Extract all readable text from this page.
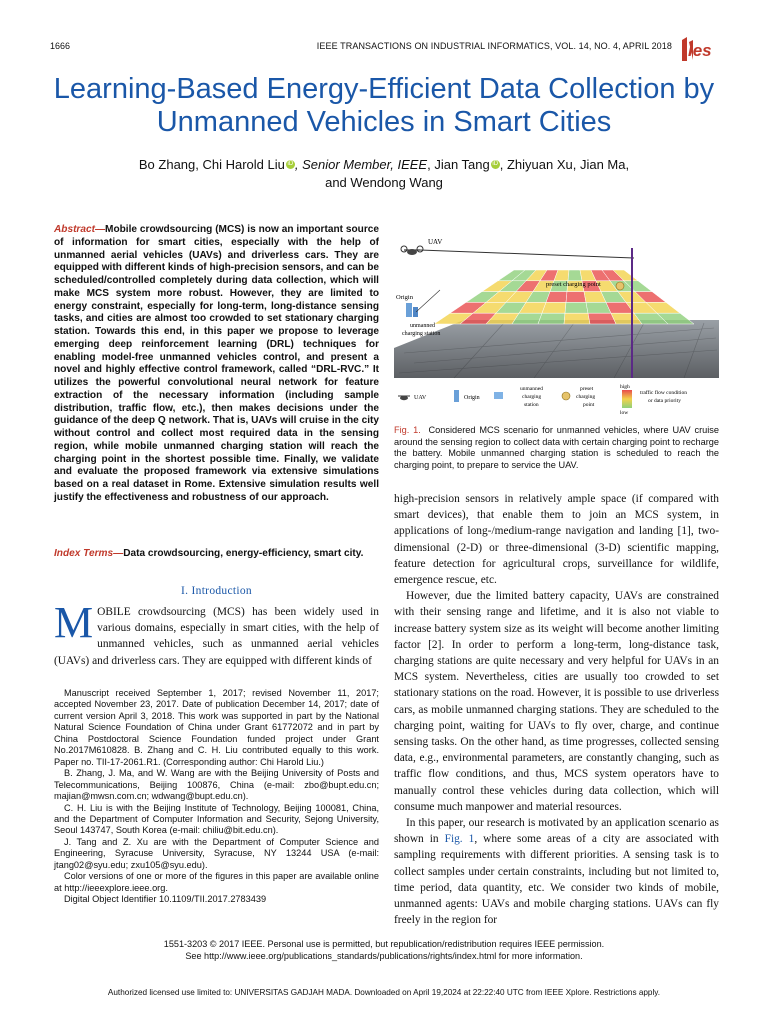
1666	IEEE TRANSACTIONS ON INDUSTRIAL INFORMATICS, VOL. 14, NO. 4, APRIL 2018 ies
Learning-Based Energy-Efficient Data Collection by Unmanned Vehicles in Smart Cities
Bo Zhang, Chi Harold Liu iD , Senior Member, IEEE, Jian Tang iD , Zhiyuan Xu, Jian Ma,
and Wendong Wang
Abstract—Mobile crowdsourcing (MCS) is now an important source of information for smart cities, especially with the help of unmanned aerial vehicles (UAVs) and driverless cars. They are equipped with different kinds of high-precision sensors, and can be scheduled/controlled completely during data collection, which will make MCS system more robust. However, they are limited to energy constraint, especially for long-term, long-distance sensing tasks, and cities are almost too crowded to set stationary charging station. Towards this end, in this paper we propose to leverage emerging deep reinforcement learning (DRL) techniques for enabling model-free unmanned vehicles control, and present a novel and highly effective control framework, called “DRL-RVC.” It utilizes the powerful convolutional neural network for feature extraction of the necessary information (including sample distribution, traffic flow, etc.), then makes decisions under the guidance of the deep Q network. That is, UAVs will cruise in the city without control and collect most required data in the sensing region, while mobile unmanned charging station will reach the charging point in the shortest possible time. Finally, we validate and evaluate the proposed framework via extensive simulations based on a real dataset in Rome. Extensive simulation results well justify the effectiveness and robustness of our approach.
Index Terms—Data crowdsourcing, energy-efficiency, smart city.
I. Introduction
MOBILE crowdsourcing (MCS) has been widely used in various domains, especially in smart cities, with the help of unmanned vehicles, such as unmanned aerial vehicles (UAVs) and driverless cars. They are equipped with different kinds of

Manuscript received September 1, 2017; revised November 11, 2017; accepted November 23, 2017. Date of publication December 14, 2017; date of current version April 3, 2018. This work was supported in part by the National Natural Science Foundation of China under Grant 61772072 and in part by China Postdoctoral Science Foundation funded project under Grant No.2017M610828. B. Zhang and C. H. Liu contributed equally to this work. Paper no. TII-17-2061.R1. (Corresponding author: Chi Harold Liu.)

B. Zhang, J. Ma, and W. Wang are with the Beijing University of Posts and Telecommunications, Beijing 100876, China (e-mail: zbo@bupt.edu.cn; majian@mwsn.com.cn; wdwang@bupt.edu.cn).

C. H. Liu is with the Beijing Institute of Technology, Beijing 100081, China, and the Department of Computer Information and Security, Sejong University, Seoul 143747, South Korea (e-mail: chiliu@bit.edu.cn).

J. Tang and Z. Xu are with the Department of Computer Science and Engineering, Syracuse University, Syracuse, NY 13244 USA (e-mail: jtang02@syu.edu; zxu105@syu.edu).

Color versions of one or more of the figures in this paper are available online at http://ieeexplore.ieee.org.

Digital Object Identifier 10.1109/TII.2017.2783439

UAV
preset charging point
Origin
unmanned
charging station
UAV	Origin
unmanned
charging
station
preset
charging
point
high
low
traffic flow condition
or data priority
Fig. 1. Considered MCS scenario for unmanned vehicles, where UAV cruise around the sensing region to collect data with certain charging point to recharge the battery. Mobile unmanned charging station is scheduled to reach the charging point, to prepare to service the UAV.

high-precision sensors in relatively ample space (if compared with smart devices), that enable them to join an MCS system, in applications of long-/medium-range navigation and landing [1], two-dimensional (2-D) or three-dimensional (3-D) scientific mapping, feature detection for agricultural crops, surveillance for wildlife, emergence rescue, etc.

However, due the limited battery capacity, UAVs are constrained with their sensing range and lifetime, and it is also not viable to increase battery system size as its weight will become another limiting factor [2]. In order to perform a long-term, long-distance task, charging stations are quite necessary and very helpful for UAVs in an MCS system. Nevertheless, cities are usually too crowded to set stationary stations on the road. However, it is possible to use driverless cars, as mobile unmanned charging stations. They are scheduled to the charging point, waiting for UAVs to fly over, charge, and continue sensing tasks. On the other hand, as time progresses, collected sensing data, e.g., environmental parameters, are constantly changing, such as traffic flow conditions, and thus, MCS system operators have to manually control these vehicles during data collection, which will consume much manpower and material resources.

In this paper, our research is motivated by an application scenario as shown in Fig. 1, where some areas of a city are associated with sampling requirements with different priorities. A sensing task is to collect samples under certain constraints, including but not limited to, time period, data quantity, etc. We consider two kinds of mobile, unmanned agents: UAVs and mobile charging stations. UAVs can fly freely in the region for

1551-3203 © 2017 IEEE. Personal use is permitted, but republication/redistribution requires IEEE permission.
See http://www.ieee.org/publications_standards/publications/rights/index.html for more information.
Authorized licensed use limited to: UNIVERSITAS GADJAH MADA. Downloaded on April 19,2024 at 22:22:40 UTC from IEEE Xplore. Restrictions apply.
